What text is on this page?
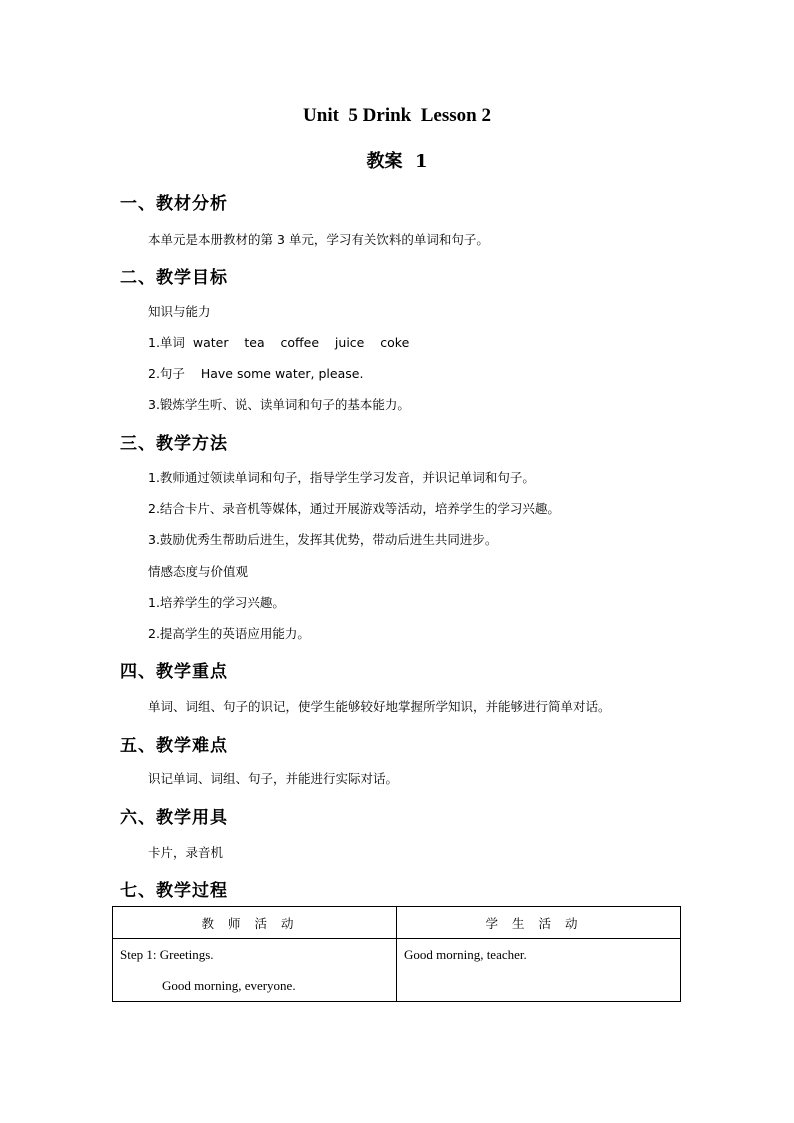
Unit  5 Drink  Lesson 2
教案  1
一、教材分析
本单元是本册教材的第 3 单元，学习有关饮料的单词和句子。
二、教学目标
知识与能力
1.单词  water    tea    coffee    juice    coke
2.句子    Have some water, please.
3.锻炼学生听、说、读单词和句子的基本能力。
三、教学方法
1.教师通过领读单词和句子，指导学生学习发音，并识记单词和句子。
2.结合卡片、录音机等媒体，通过开展游戏等活动，培养学生的学习兴趣。
3.鼓励优秀生帮助后进生，发挥其优势，带动后进生共同进步。
情感态度与价值观
1.培养学生的学习兴趣。
2.提高学生的英语应用能力。
四、教学重点
单词、词组、句子的识记，使学生能够较好地掌握所学知识，并能够进行简单对话。
五、教学难点
识记单词、词组、句子，并能进行实际对话。
六、教学用具
卡片，录音机
七、教学过程
教师活动	学生活动

Step 1: Greetings.
Good morning, everyone.	Good morning, teacher.
